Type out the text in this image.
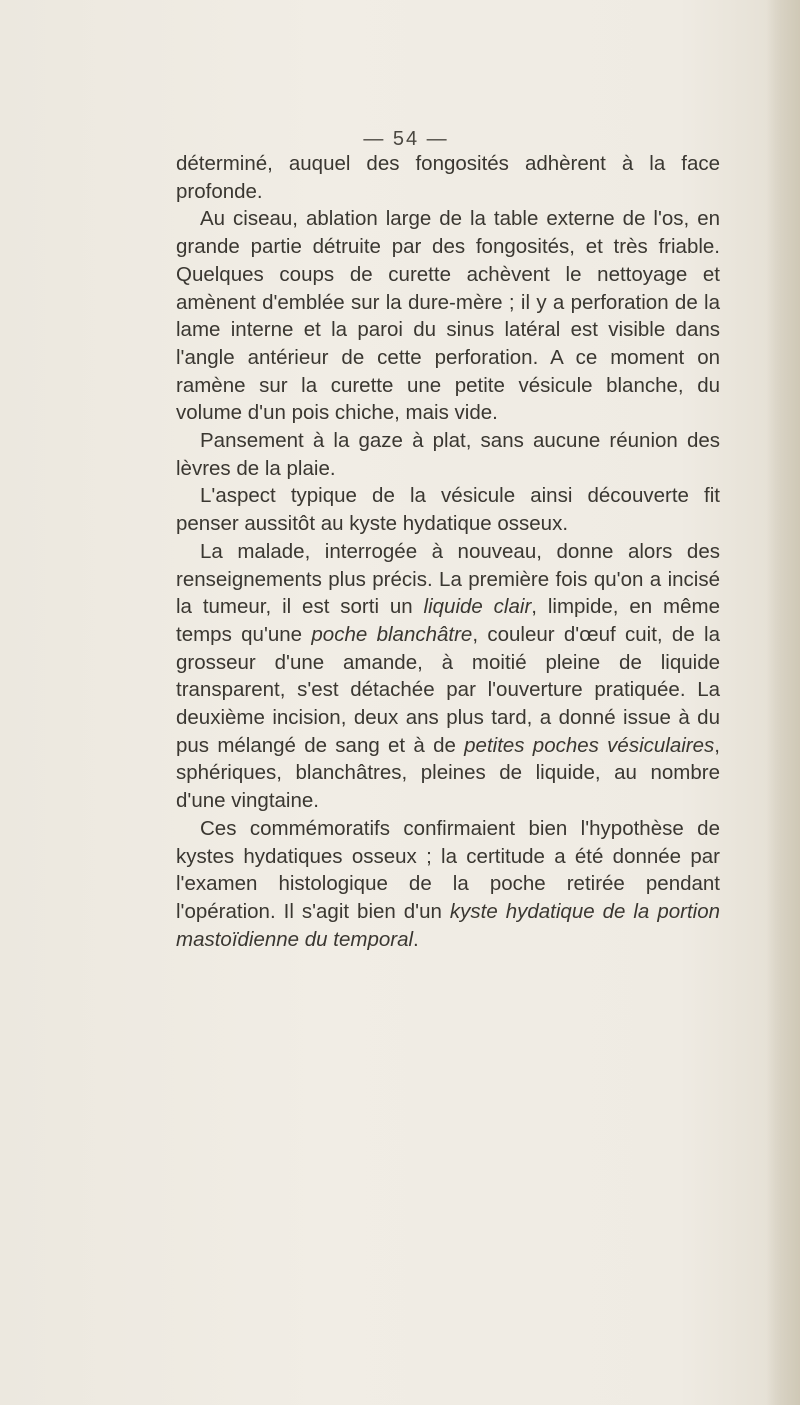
— 54 —

déterminé, auquel des fongosités adhèrent à la face profonde.

Au ciseau, ablation large de la table externe de l'os, en grande partie détruite par des fongosités, et très friable. Quelques coups de curette achèvent le nettoyage et amènent d'emblée sur la dure-mère ; il y a perforation de la lame interne et la paroi du sinus latéral est visible dans l'angle antérieur de cette perforation. A ce moment on ramène sur la curette une petite vésicule blanche, du volume d'un pois chiche, mais vide.

Pansement à la gaze à plat, sans aucune réunion des lèvres de la plaie.

L'aspect typique de la vésicule ainsi découverte fit penser aussitôt au kyste hydatique osseux.

La malade, interrogée à nouveau, donne alors des renseignements plus précis. La première fois qu'on a incisé la tumeur, il est sorti un liquide clair, limpide, en même temps qu'une poche blanchâtre, couleur d'œuf cuit, de la grosseur d'une amande, à moitié pleine de liquide transparent, s'est détachée par l'ouverture pratiquée. La deuxième incision, deux ans plus tard, a donné issue à du pus mélangé de sang et à de petites poches vésiculaires, sphériques, blanchâtres, pleines de liquide, au nombre d'une vingtaine.

Ces commémoratifs confirmaient bien l'hypothèse de kystes hydatiques osseux ; la certitude a été donnée par l'examen histologique de la poche retirée pendant l'opération. Il s'agit bien d'un kyste hydatique de la portion mastoïdienne du temporal.
